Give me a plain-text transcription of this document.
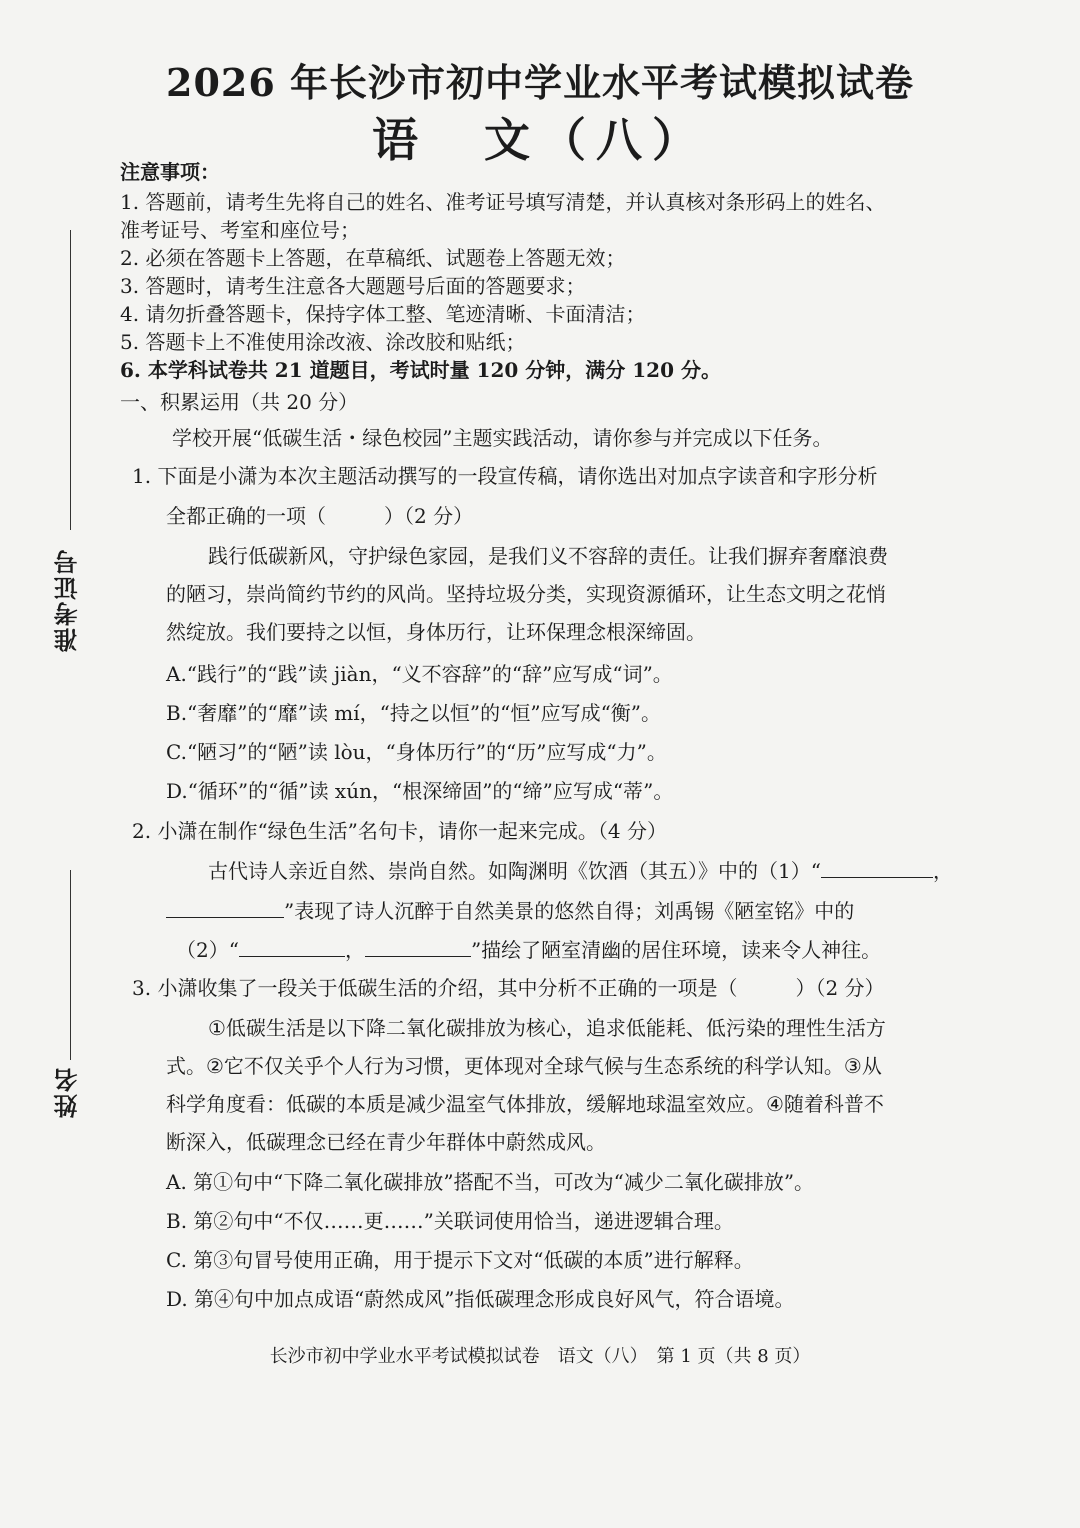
2026 年长沙市初中学业水平考试模拟试卷
语　文（八）
准考证号
姓名
注意事项：
1. 答题前，请考生先将自己的姓名、准考证号填写清楚，并认真核对条形码上的姓名、
准考证号、考室和座位号；
2. 必须在答题卡上答题，在草稿纸、试题卷上答题无效；
3. 答题时，请考生注意各大题题号后面的答题要求；
4. 请勿折叠答题卡，保持字体工整、笔迹清晰、卡面清洁；
5. 答题卡上不准使用涂改液、涂改胶和贴纸；
6. 本学科试卷共 21 道题目，考试时量 120 分钟，满分 120 分。
一、积累运用（共 20 分）
学校开展“低碳生活・绿色校园”主题实践活动，请你参与并完成以下任务。
1. 下面是小潇为本次主题活动撰写的一段宣传稿，请你选出对加点字读音和字形分析
全都正确的一项（	）（2 分）
践行低碳新风，守护绿色家园，是我们义不容辞的责任。让我们摒弃奢靡浪费
的陋习，崇尚简约节约的风尚。坚持垃圾分类，实现资源循环，让生态文明之花悄
然绽放。我们要持之以恒，身体历行，让环保理念根深缔固。
A.“践行”的“践”读 jiàn，“义不容辞”的“辞”应写成“词”。
B.“奢靡”的“靡”读 mí，“持之以恒”的“恒”应写成“衡”。
C.“陋习”的“陋”读 lòu，“身体历行”的“历”应写成“力”。
D.“循环”的“循”读 xún，“根深缔固”的“缔”应写成“蒂”。
2. 小潇在制作“绿色生活”名句卡，请你一起来完成。（4 分）
古代诗人亲近自然、崇尚自然。如陶渊明《饮酒（其五）》中的（1）“	，
”表现了诗人沉醉于自然美景的悠然自得；刘禹锡《陋室铭》中的
（2）“	，	”描绘了陋室清幽的居住环境，读来令人神往。
3. 小潇收集了一段关于低碳生活的介绍，其中分析不正确的一项是（	）（2 分）
①低碳生活是以下降二氧化碳排放为核心，追求低能耗、低污染的理性生活方
式。②它不仅关乎个人行为习惯，更体现对全球气候与生态系统的科学认知。③从
科学角度看：低碳的本质是减少温室气体排放，缓解地球温室效应。④随着科普不
断深入，低碳理念已经在青少年群体中蔚然成风。
A. 第①句中“下降二氧化碳排放”搭配不当，可改为“减少二氧化碳排放”。
B. 第②句中“不仅……更……”关联词使用恰当，递进逻辑合理。
C. 第③句冒号使用正确，用于提示下文对“低碳的本质”进行解释。
D. 第④句中加点成语“蔚然成风”指低碳理念形成良好风气，符合语境。
长沙市初中学业水平考试模拟试卷　语文（八）　第 1 页（共 8 页）
